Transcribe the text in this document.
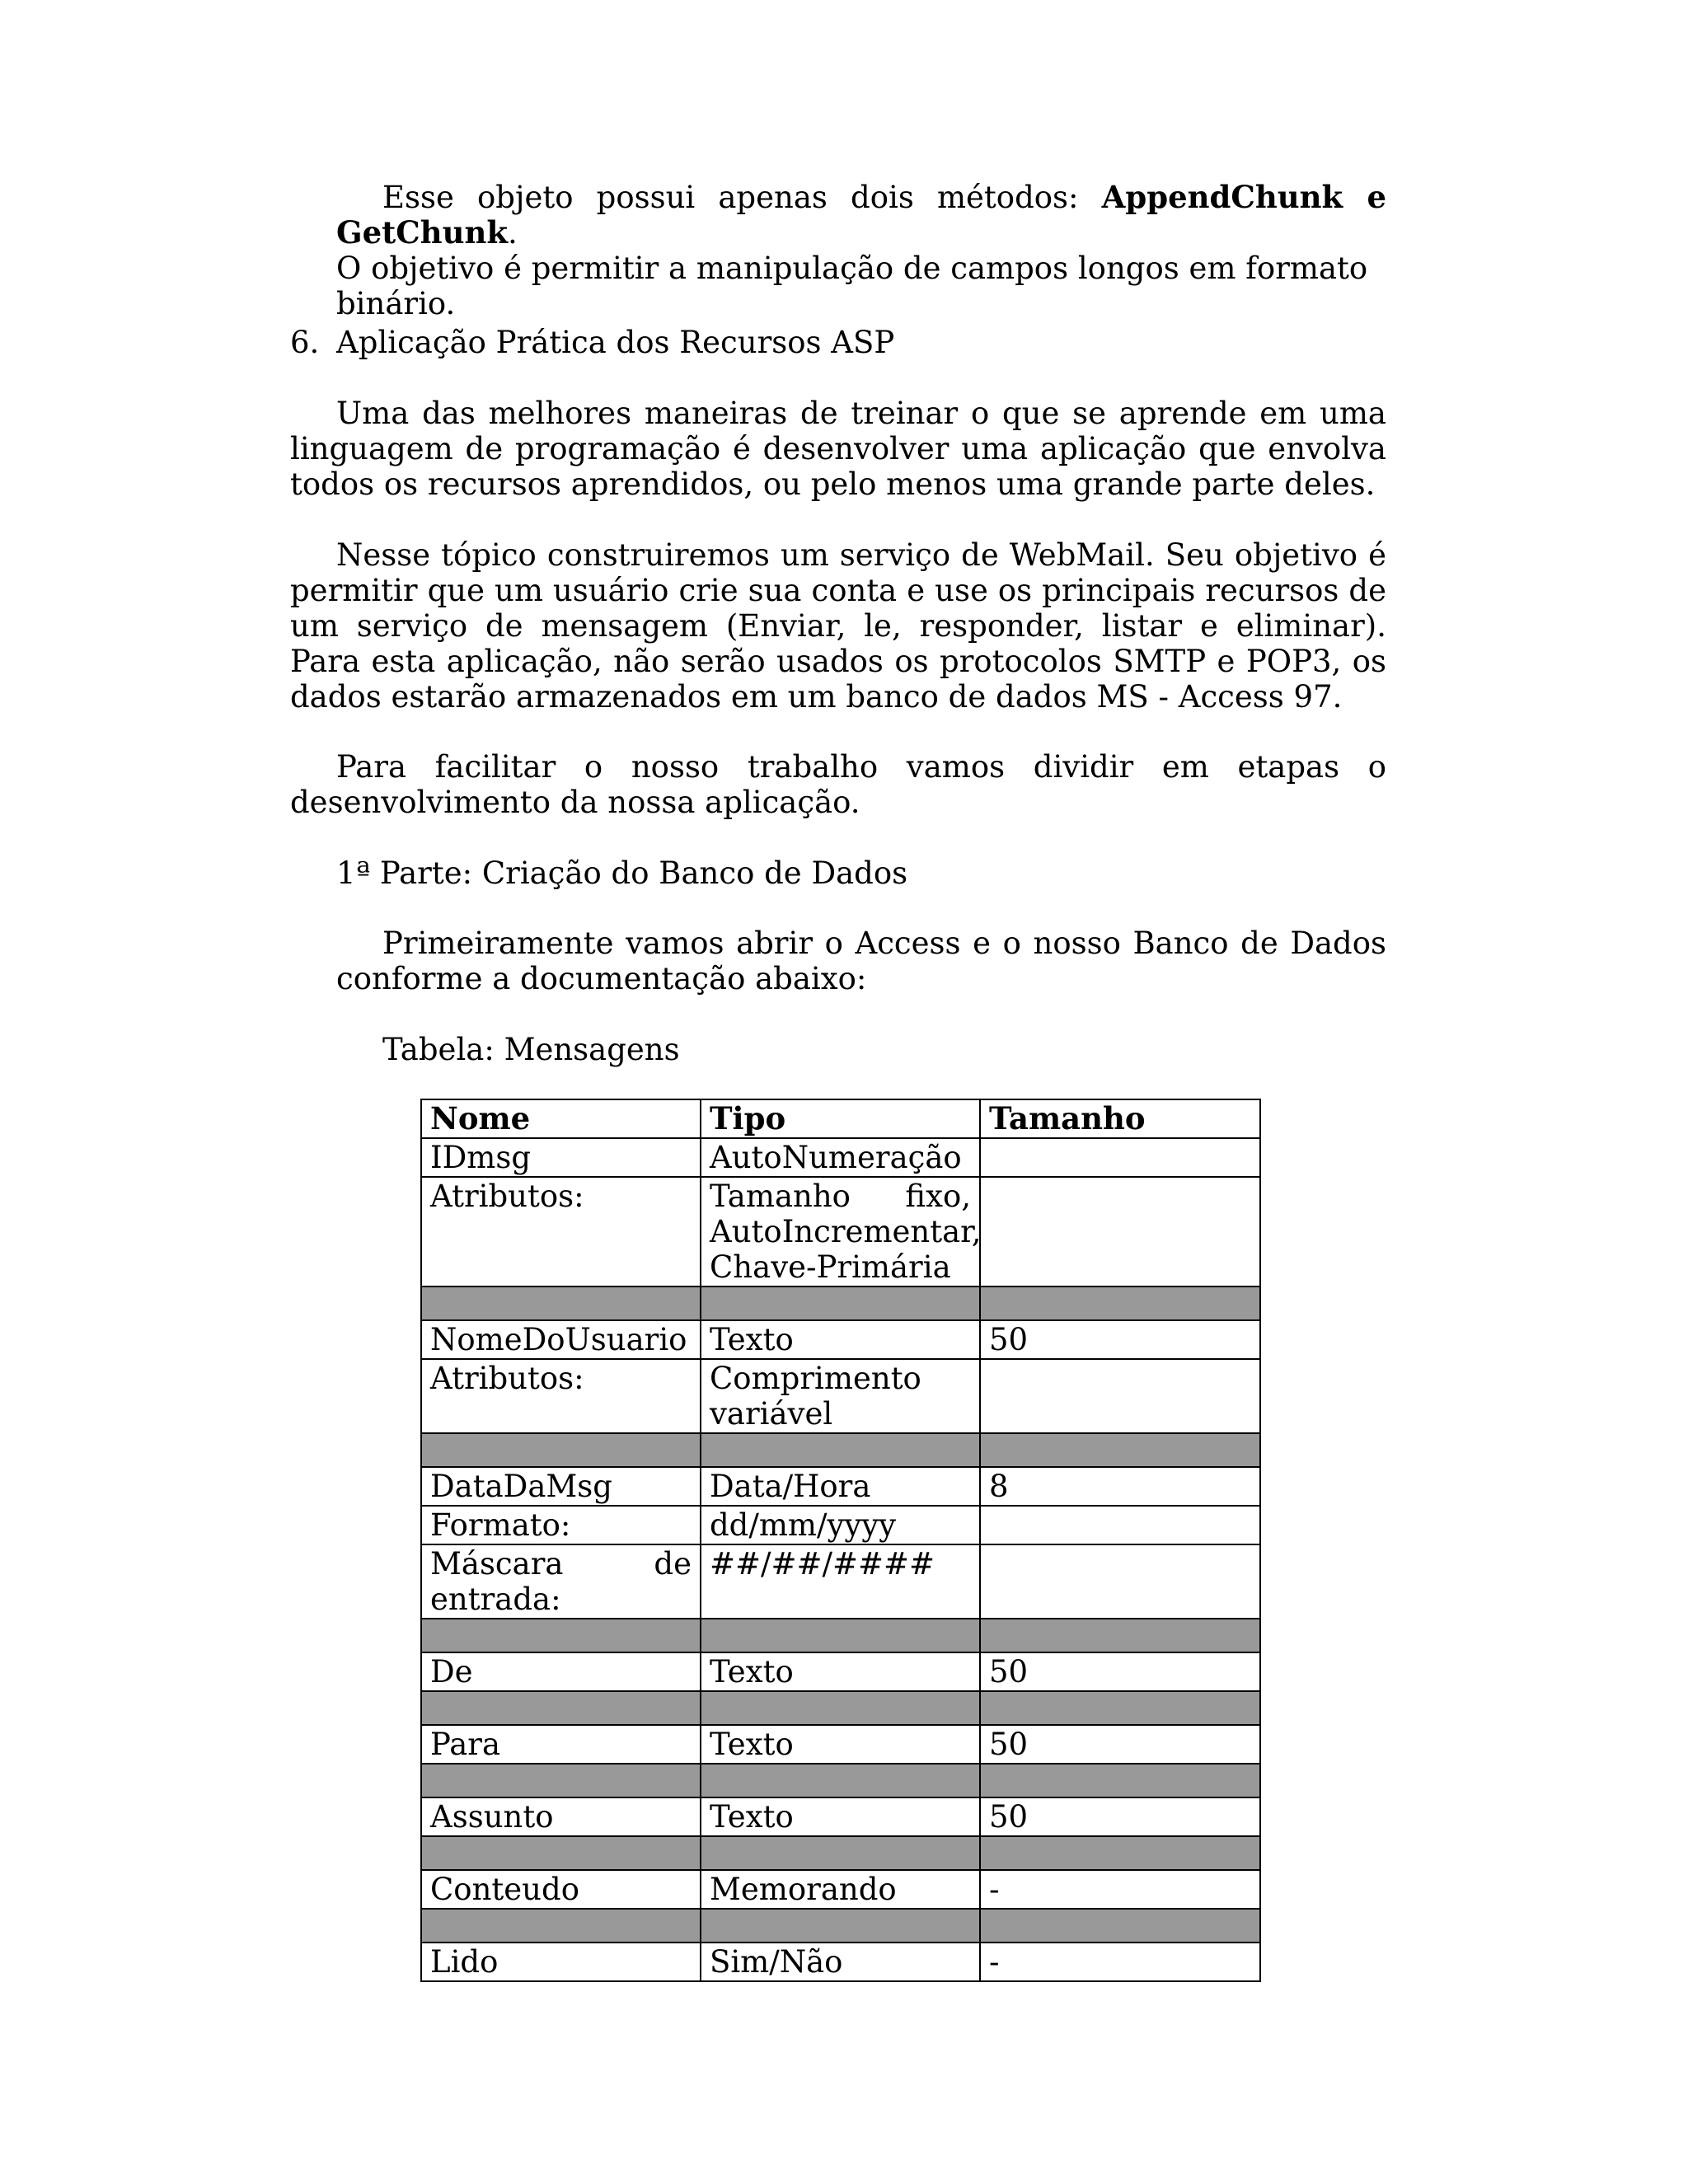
Esse objeto possui apenas dois métodos: AppendChunk e GetChunk.
O objetivo é permitir a manipulação de campos longos em formato binário.
6. Aplicação Prática dos Recursos ASP
Uma das melhores maneiras de treinar o que se aprende em uma linguagem de programação é desenvolver uma aplicação que envolva todos os recursos aprendidos, ou pelo menos uma grande parte deles.
Nesse tópico construiremos um serviço de WebMail. Seu objetivo é permitir que um usuário crie sua conta e use os principais recursos de um serviço de mensagem (Enviar, le, responder, listar e eliminar). Para esta aplicação, não serão usados os protocolos SMTP e POP3, os dados estarão armazenados em um banco de dados MS - Access 97.
Para facilitar o nosso trabalho vamos dividir em etapas o desenvolvimento da nossa aplicação.
1ª Parte: Criação do Banco de Dados
Primeiramente vamos abrir o Access e o nosso Banco de Dados conforme a documentação abaixo:
Tabela: Mensagens
Nome	Tipo	Tamanho
IDmsg	AutoNumeração	
Atributos:	Tamanho fixo,
AutoIncrementar,
Chave-Primária	

NomeDoUsuario	Texto	50
Atributos:	Comprimento variável	

DataDaMsg	Data/Hora	8
Formato:	dd/mm/yyyy	

Máscara de
entrada:	##/##/####	

De	Texto	50

Para	Texto	50

Assunto	Texto	50

Conteudo	Memorando	-

Lido	Sim/Não	-
